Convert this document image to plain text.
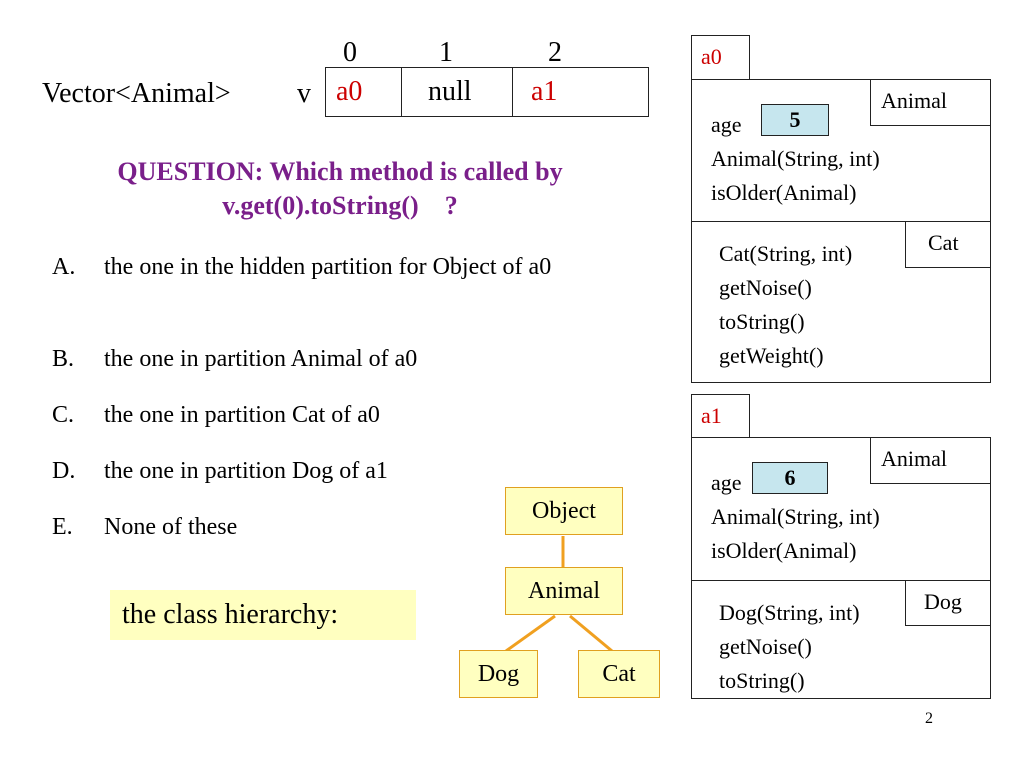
0	1	2
Vector<Animal> v a0	null	a1
QUESTION: Which method is called by
v.get(0).toString()    ?
A. the one in the hidden partition for Object of a0
B. the one in partition Animal of a0
C. the one in partition Cat of a0
D. the one in partition Dog of a1
E. None of these
the class hierarchy:
Object
Animal
Dog	Cat
a0
Animal
age	5
Animal(String, int)
isOlder(Animal)
Cat
Cat(String, int)
getNoise()
toString()
getWeight()
a1
Animal
age	6
Animal(String, int)
isOlder(Animal)
Dog
Dog(String, int)
getNoise()
toString()
2
